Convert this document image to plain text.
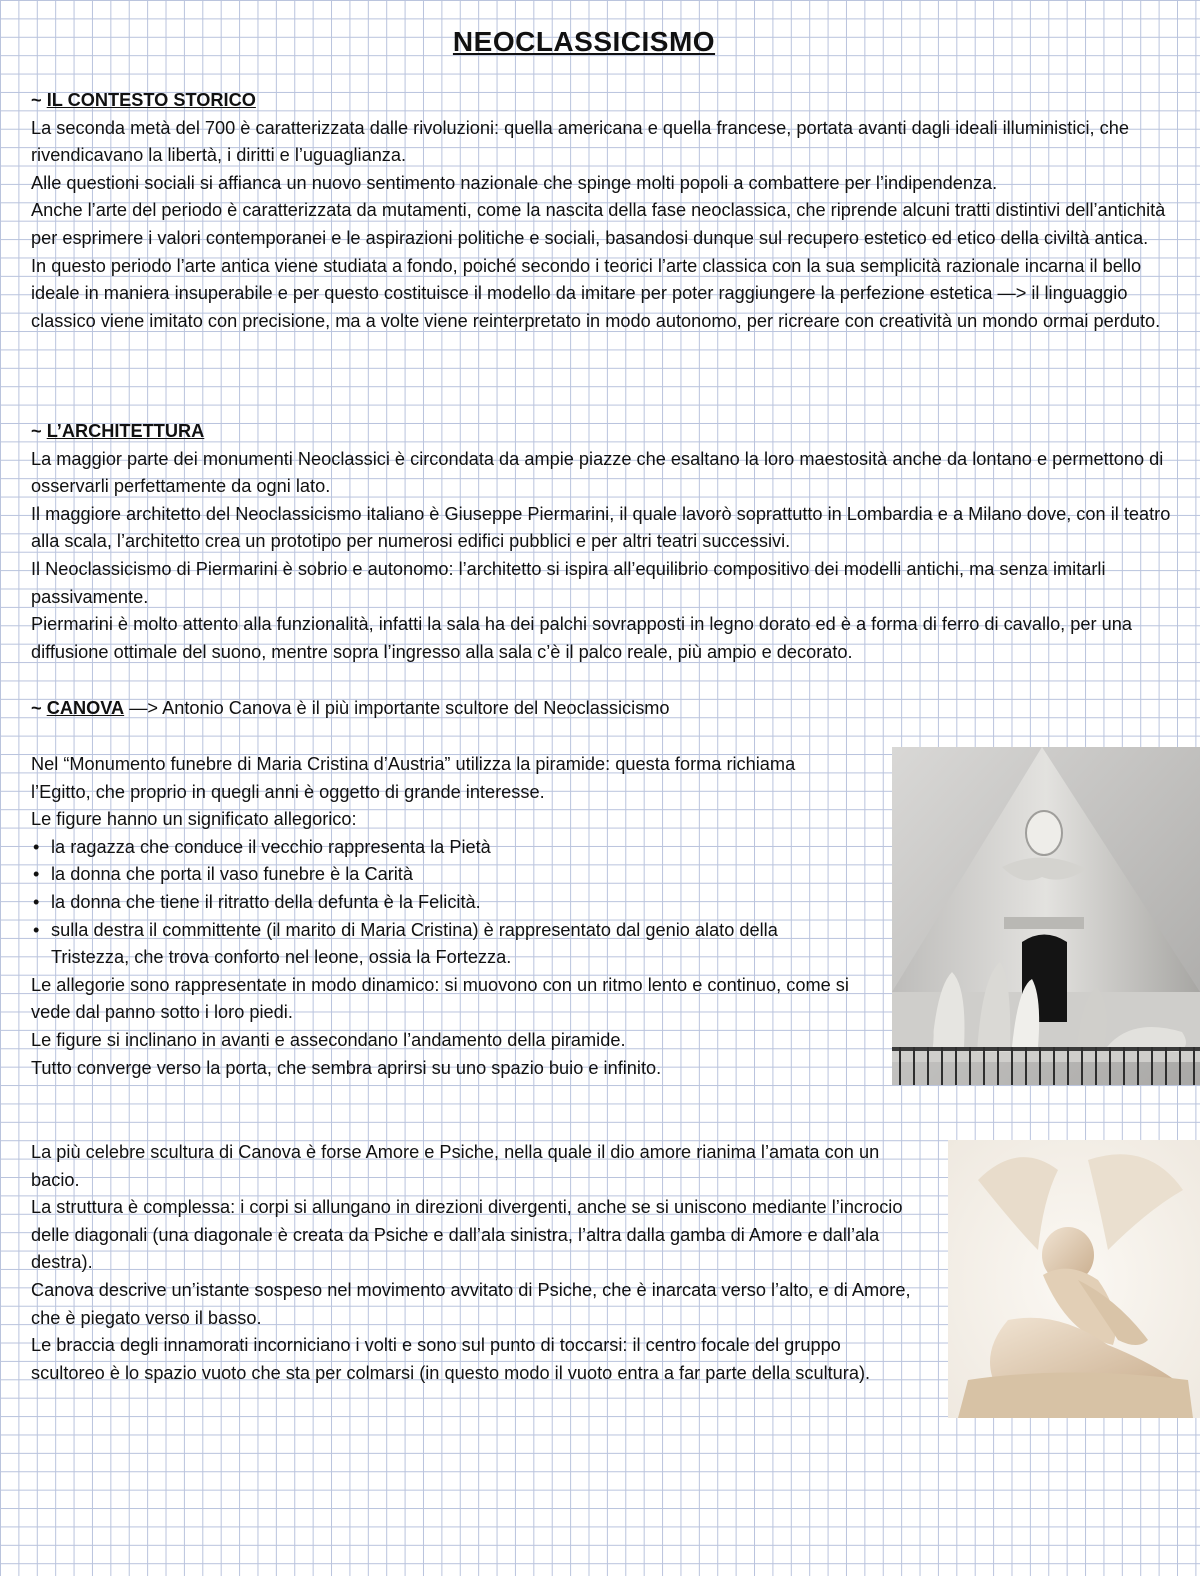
NEOCLASSICISMO

~ IL CONTESTO STORICO

La seconda metà del 700 è caratterizzata dalle rivoluzioni: quella americana e quella francese, portata avanti dagli ideali illuministici, che rivendicavano la libertà, i diritti e l’uguaglianza.

Alle questioni sociali si affianca un nuovo sentimento nazionale che spinge molti popoli a combattere per l’indipendenza.

Anche l’arte del periodo è caratterizzata da mutamenti, come la nascita della fase neoclassica, che riprende alcuni tratti distintivi dell’antichità per esprimere i valori contemporanei e le aspirazioni politiche e sociali, basandosi dunque sul recupero estetico ed etico della civiltà antica.

In questo periodo l’arte antica viene studiata a fondo, poiché secondo i teorici l’arte classica con la sua semplicità razionale incarna il bello ideale in maniera insuperabile e per questo costituisce il modello da imitare per poter raggiungere la perfezione estetica —> il linguaggio classico viene imitato con precisione, ma a volte viene reinterpretato in modo autonomo, per ricreare con creatività un mondo ormai perduto.

~ L’ARCHITETTURA

La maggior parte dei monumenti Neoclassici è circondata da ampie piazze che esaltano la loro maestosità anche da lontano e permettono di osservarli perfettamente da ogni lato.

Il maggiore architetto del Neoclassicismo italiano è Giuseppe Piermarini, il quale lavorò soprattutto in Lombardia e a Milano dove, con il teatro alla scala, l’architetto crea un prototipo per numerosi edifici pubblici e per altri teatri successivi.

Il Neoclassicismo di Piermarini è sobrio e autonomo: l’architetto si ispira all’equilibrio compositivo dei modelli antichi, ma senza imitarli passivamente.

Piermarini è molto attento alla funzionalità, infatti la sala ha dei palchi sovrapposti in legno dorato ed è a forma di ferro di cavallo, per una diffusione ottimale del suono, mentre sopra l’ingresso alla sala c’è il palco reale, più ampio e decorato.

~ CANOVA —> Antonio Canova è il più importante scultore del Neoclassicismo

Nel “Monumento funebre di Maria Cristina d’Austria” utilizza la piramide: questa forma richiama l’Egitto, che proprio in quegli anni è oggetto di grande interesse.

Le figure hanno un significato allegorico:

• la ragazza che conduce il vecchio rappresenta la Pietà
• la donna che porta il vaso funebre è la Carità
• la donna che tiene il ritratto della defunta è la Felicità.
• sulla destra il committente (il marito di Maria Cristina) è rappresentato dal genio alato della Tristezza, che trova conforto nel leone, ossia la Fortezza.

Le allegorie sono rappresentate in modo dinamico: si muovono con un ritmo lento e continuo, come si vede dal panno sotto i loro piedi.

Le figure si inclinano in avanti e assecondano l’andamento della piramide.

Tutto converge verso la porta, che sembra aprirsi su uno spazio buio e infinito.

La più celebre scultura di Canova è forse Amore e Psiche, nella quale il dio amore rianima l’amata con un bacio.

La struttura è complessa: i corpi si allungano in direzioni divergenti, anche se si uniscono mediante l’incrocio delle diagonali (una diagonale è creata da Psiche e dall’ala sinistra, l’altra dalla gamba di Amore e dall’ala destra).

Canova descrive un’istante sospeso nel movimento avvitato di Psiche, che è inarcata verso l’alto, e di Amore, che è piegato verso il basso.

Le braccia degli innamorati incorniciano i volti e sono sul punto di toccarsi: il centro focale del gruppo scultoreo è lo spazio vuoto che sta per colmarsi (in questo modo il vuoto entra a far parte della scultura).
